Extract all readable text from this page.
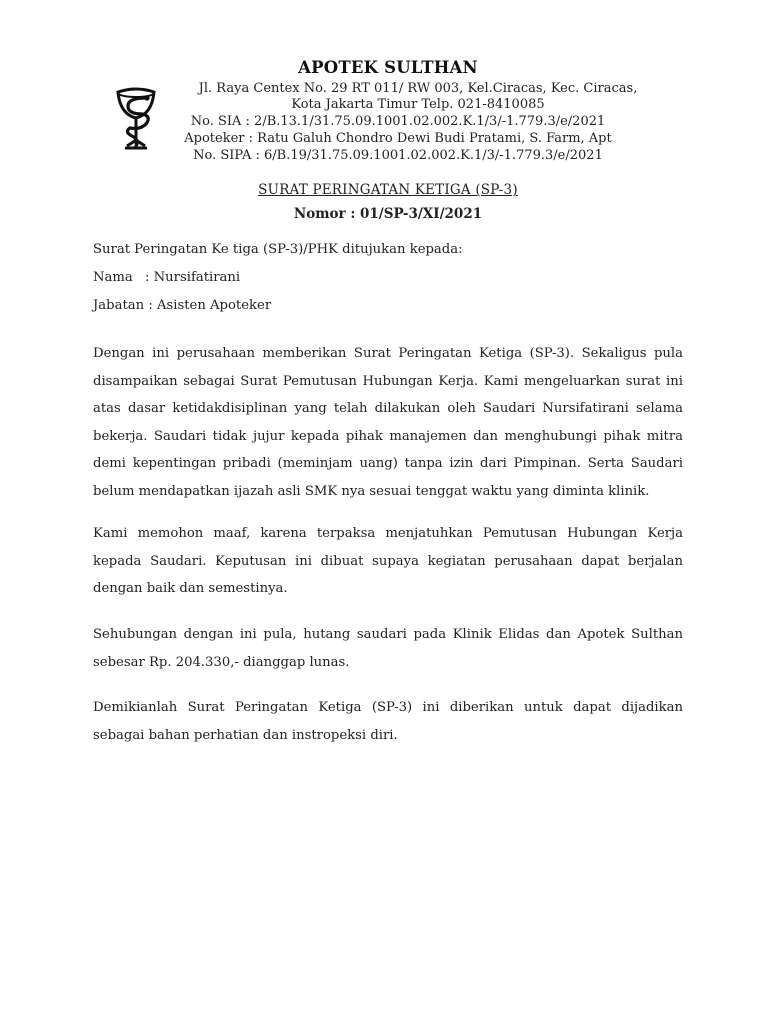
APOTEK SULTHAN
Jl. Raya Centex No. 29 RT 011/ RW 003, Kel.Ciracas, Kec. Ciracas,
Kota Jakarta Timur Telp. 021-8410085
No. SIA : 2/B.13.1/31.75.09.1001.02.002.K.1/3/-1.779.3/e/2021
Apoteker : Ratu Galuh Chondro Dewi Budi Pratami, S. Farm, Apt
No. SIPA : 6/B.19/31.75.09.1001.02.002.K.1/3/-1.779.3/e/2021
SURAT PERINGATAN KETIGA (SP-3)
Nomor : 01/SP-3/XI/2021
Surat Peringatan Ke tiga (SP-3)/PHK ditujukan kepada:
Nama : Nursifatirani
Jabatan : Asisten Apoteker
Dengan ini perusahaan memberikan Surat Peringatan Ketiga (SP-3). Sekaligus pula disampaikan sebagai Surat Pemutusan Hubungan Kerja. Kami mengeluarkan surat ini atas dasar ketidakdisiplinan yang telah dilakukan oleh Saudari Nursifatirani selama bekerja. Saudari tidak jujur kepada pihak manajemen dan menghubungi pihak mitra demi kepentingan pribadi (meminjam uang) tanpa izin dari Pimpinan. Serta Saudari belum mendapatkan ijazah asli SMK nya sesuai tenggat waktu yang diminta klinik.
Kami memohon maaf, karena terpaksa menjatuhkan Pemutusan Hubungan Kerja kepada Saudari. Keputusan ini dibuat supaya kegiatan perusahaan dapat berjalan dengan baik dan semestinya.
Sehubungan dengan ini pula, hutang saudari pada Klinik Elidas dan Apotek Sulthan sebesar Rp. 204.330,- dianggap lunas.
Demikianlah Surat Peringatan Ketiga (SP-3) ini diberikan untuk dapat dijadikan sebagai bahan perhatian dan instropeksi diri.
